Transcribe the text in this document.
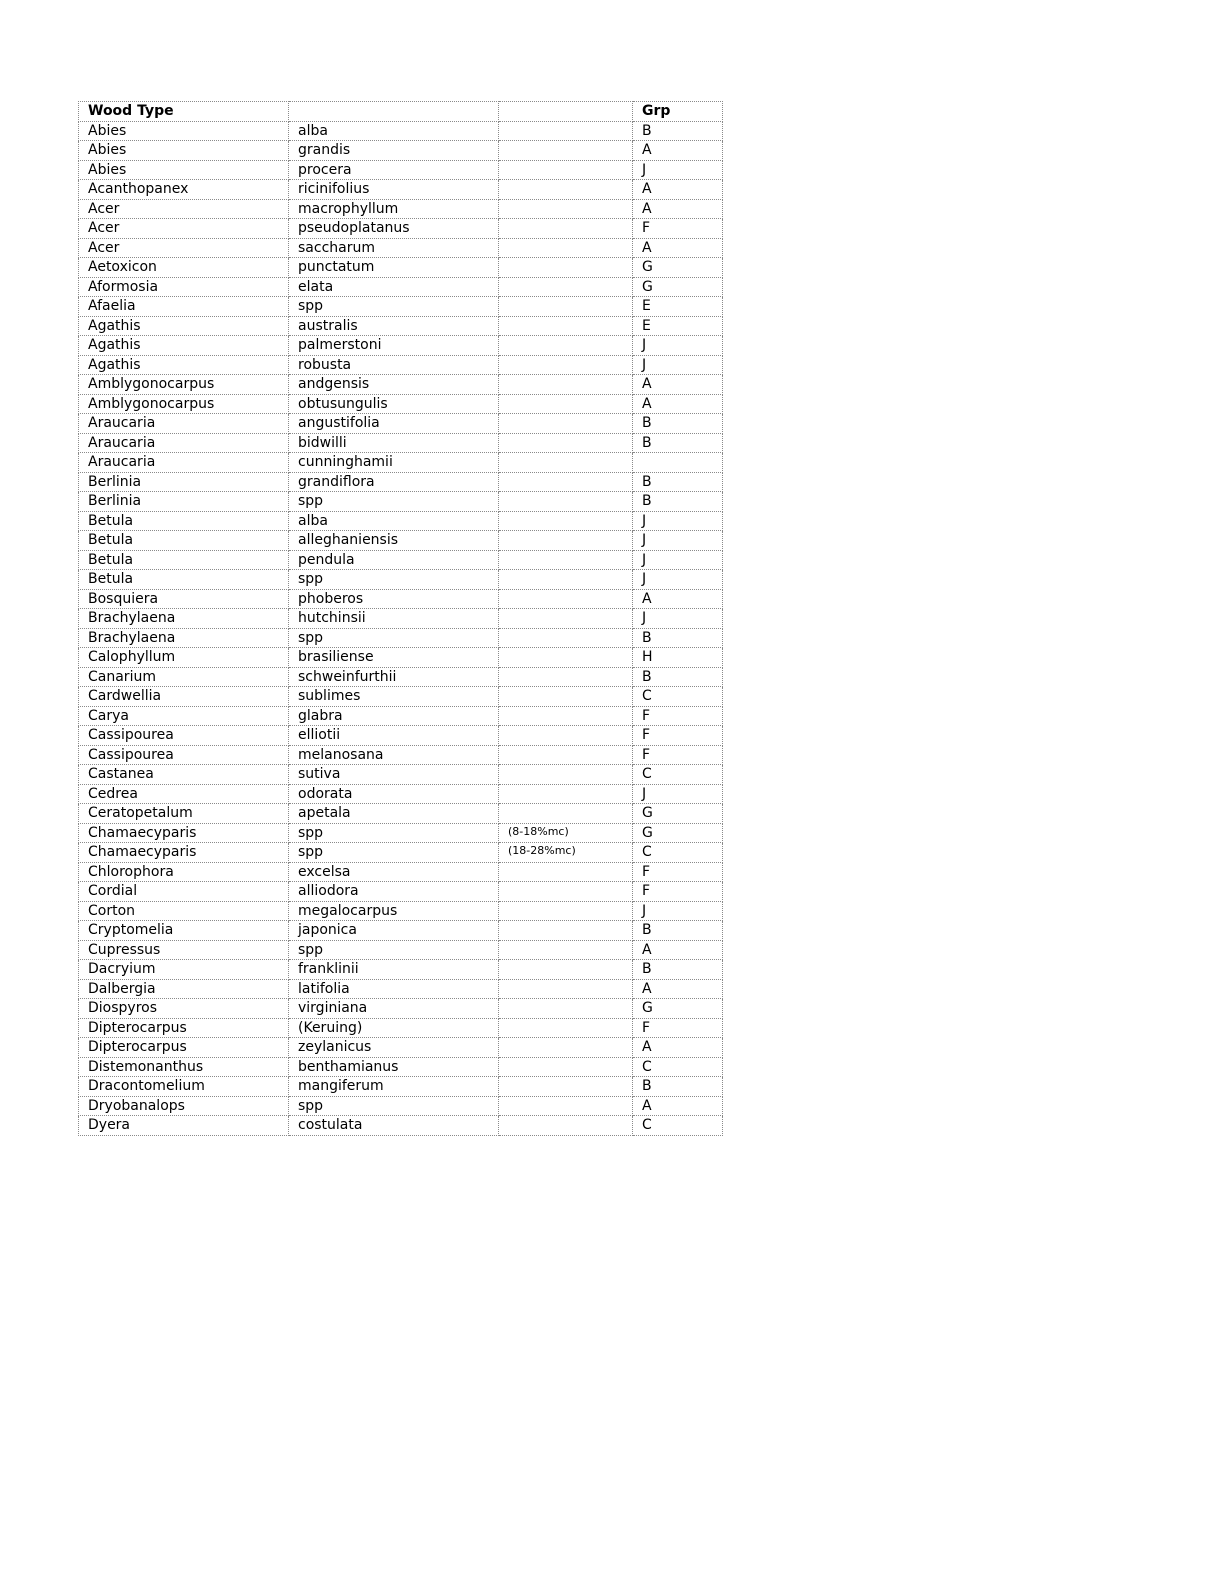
Wood Type			Grp
Abies	alba		B
Abies	grandis		A
Abies	procera		J
Acanthopanex	ricinifolius		A
Acer	macrophyllum		A
Acer	pseudoplatanus		F
Acer	saccharum		A
Aetoxicon	punctatum		G
Aformosia	elata		G
Afaelia	spp		E
Agathis	australis		E
Agathis	palmerstoni		J
Agathis	robusta		J
Amblygonocarpus	andgensis		A
Amblygonocarpus	obtusungulis		A
Araucaria	angustifolia		B
Araucaria	bidwilli		B
Araucaria	cunninghamii		
Berlinia	grandiflora		B
Berlinia	spp		B
Betula	alba		J
Betula	alleghaniensis		J
Betula	pendula		J
Betula	spp		J
Bosquiera	phoberos		A
Brachylaena	hutchinsii		J
Brachylaena	spp		B
Calophyllum	brasiliense		H
Canarium	schweinfurthii		B
Cardwellia	sublimes		C
Carya	glabra		F
Cassipourea	elliotii		F
Cassipourea	melanosana		F
Castanea	sutiva		C
Cedrea	odorata		J
Ceratopetalum	apetala		G
Chamaecyparis	spp	(8-18%mc)	G
Chamaecyparis	spp	(18-28%mc)	C
Chlorophora	excelsa		F
Cordial	alliodora		F
Corton	megalocarpus		J
Cryptomelia	japonica		B
Cupressus	spp		A
Dacryium	franklinii		B
Dalbergia	latifolia		A
Diospyros	virginiana		G
Dipterocarpus	(Keruing)		F
Dipterocarpus	zeylanicus		A
Distemonanthus	benthamianus		C
Dracontomelium	mangiferum		B
Dryobanalops	spp		A
Dyera	costulata		C
